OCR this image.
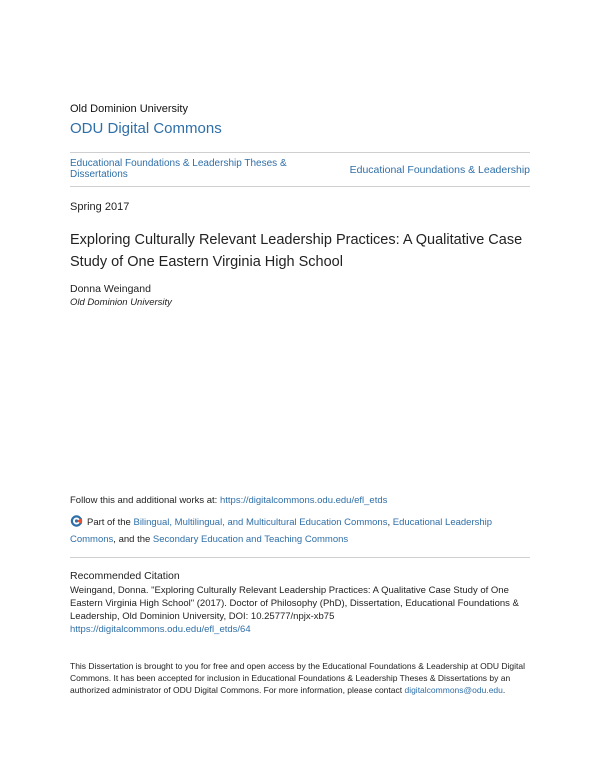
Old Dominion University
ODU Digital Commons
Educational Foundations & Leadership Theses & Dissertations	Educational Foundations & Leadership
Spring 2017
Exploring Culturally Relevant Leadership Practices: A Qualitative Case Study of One Eastern Virginia High School
Donna Weingand
Old Dominion University
Follow this and additional works at: https://digitalcommons.odu.edu/efl_etds
Part of the Bilingual, Multilingual, and Multicultural Education Commons, Educational Leadership Commons, and the Secondary Education and Teaching Commons
Recommended Citation
Weingand, Donna. "Exploring Culturally Relevant Leadership Practices: A Qualitative Case Study of One Eastern Virginia High School" (2017). Doctor of Philosophy (PhD), Dissertation, Educational Foundations & Leadership, Old Dominion University, DOI: 10.25777/npjx-xb75
https://digitalcommons.odu.edu/efl_etds/64
This Dissertation is brought to you for free and open access by the Educational Foundations & Leadership at ODU Digital Commons. It has been accepted for inclusion in Educational Foundations & Leadership Theses & Dissertations by an authorized administrator of ODU Digital Commons. For more information, please contact digitalcommons@odu.edu.
